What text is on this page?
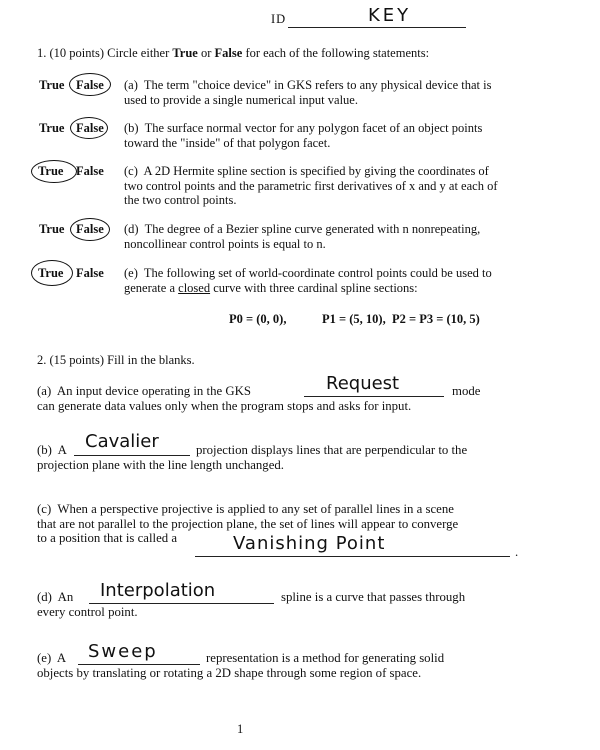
ID	KEY
1. (10 points) Circle either True or False for each of the following statements:
True False (a) The term "choice device" in GKS refers to any physical device that is used to provide a single numerical input value.
True False (b) The surface normal vector for any polygon facet of an object points toward the "inside" of that polygon facet.
True False (c) A 2D Hermite spline section is specified by giving the coordinates of two control points and the parametric first derivatives of x and y at each of the two control points.
True False (d) The degree of a Bezier spline curve generated with n nonrepeating, noncollinear control points is equal to n.
True False (e) The following set of world-coordinate control points could be used to generate a closed curve with three cardinal spline sections:
P0 = (0, 0),	P1 = (5, 10), P2 = P3 = (10, 5)
2. (15 points) Fill in the blanks.
(a) An input device operating in the GKS	Request	mode
can generate data values only when the program stops and asks for input.
(b) A Cavalier	projection displays lines that are perpendicular to the
projection plane with the line length unchanged.
(c) When a perspective projective is applied to any set of parallel lines in a scene
that are not parallel to the projection plane, the set of lines will appear to converge
to a position that is called a	Vanishing Point	.
(d) An Interpolation	spline is a curve that passes through
every control point.
(e) A Sweep	representation is a method for generating solid
objects by translating or rotating a 2D shape through some region of space.
1
